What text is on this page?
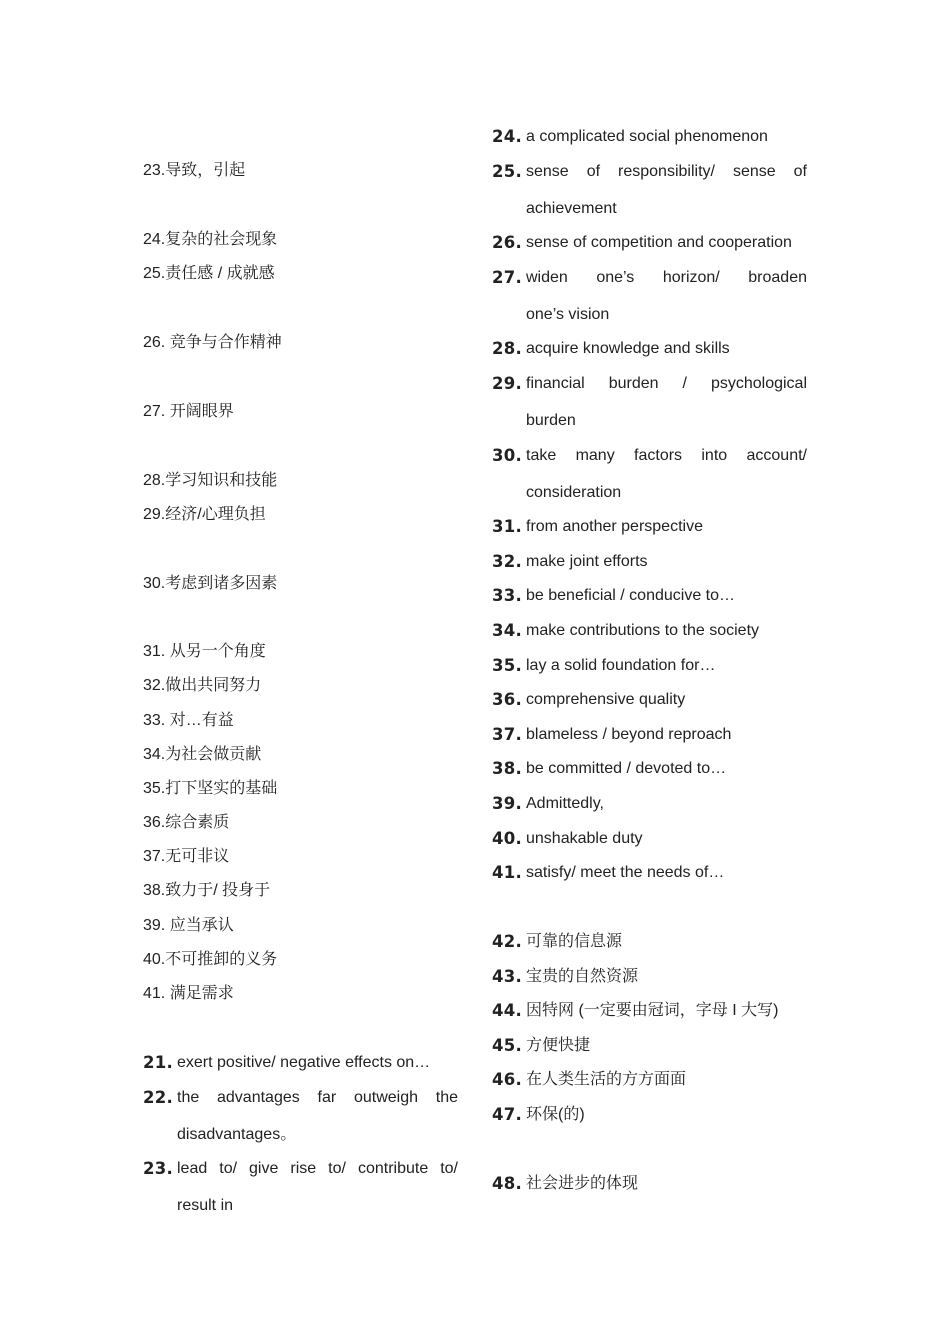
23.导致，引起
24.复杂的社会现象
25.责任感 / 成就感
26. 竞争与合作精神
27. 开阔眼界
28.学习知识和技能
29.经济/心理负担
30.考虑到诸多因素
31. 从另一个角度
32.做出共同努力
33. 对…有益
34.为社会做贡献
35.打下坚实的基础
36.综合素质
37.无可非议
38.致力于/ 投身于
39. 应当承认
40.不可推卸的义务
41. 满足需求
21. exert positive/ negative effects on…
22. the advantages far outweigh the
disadvantages。
23. lead to/ give rise to/ contribute to/
result in
24. a complicated social phenomenon
25. sense of responsibility/ sense of
achievement
26. sense of competition and cooperation
27. widen one’s horizon/ broaden
one’s vision
28. acquire knowledge and skills
29. financial burden / psychological
burden
30. take many factors into account/
consideration
31. from another perspective
32. make joint efforts
33. be beneficial / conducive to…
34. make contributions to the society
35. lay a solid foundation for…
36. comprehensive quality
37. blameless / beyond reproach
38. be committed / devoted to…
39. Admittedly,
40. unshakable duty
41. satisfy/ meet the needs of…
42. 可靠的信息源
43. 宝贵的自然资源
44. 因特网 (一定要由冠词，字母 I 大写)
45. 方便快捷
46. 在人类生活的方方面面
47. 环保(的)
48. 社会进步的体现
